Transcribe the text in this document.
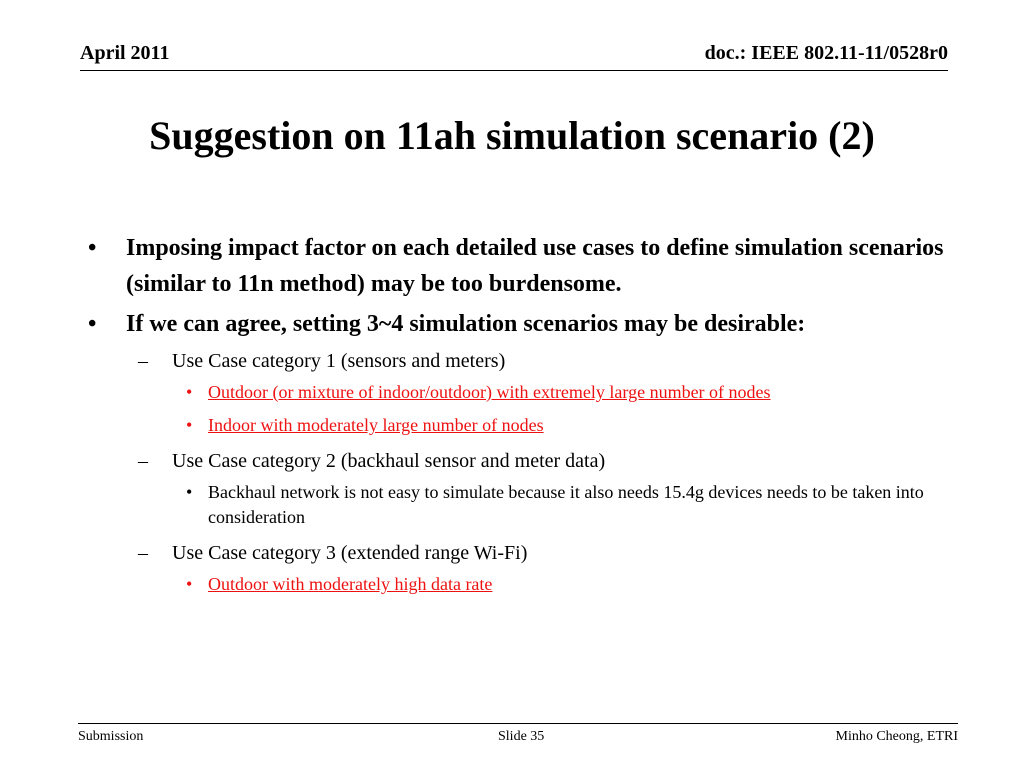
April 2011	doc.: IEEE 802.11-11/0528r0
Suggestion on 11ah simulation scenario (2)
• Imposing impact factor on each detailed use cases to define simulation scenarios (similar to 11n method) may be too burdensome.
• If we can agree, setting 3~4 simulation scenarios may be desirable:
– Use Case category 1 (sensors and meters)
• Outdoor (or mixture of indoor/outdoor) with extremely large number of nodes
• Indoor with moderately large number of nodes
– Use Case category 2 (backhaul sensor and meter data)
• Backhaul network is not easy to simulate because it also needs 15.4g devices needs to be taken into consideration
– Use Case category 3 (extended range Wi-Fi)
• Outdoor with moderately high data rate
Submission	Slide 35	Minho Cheong, ETRI
